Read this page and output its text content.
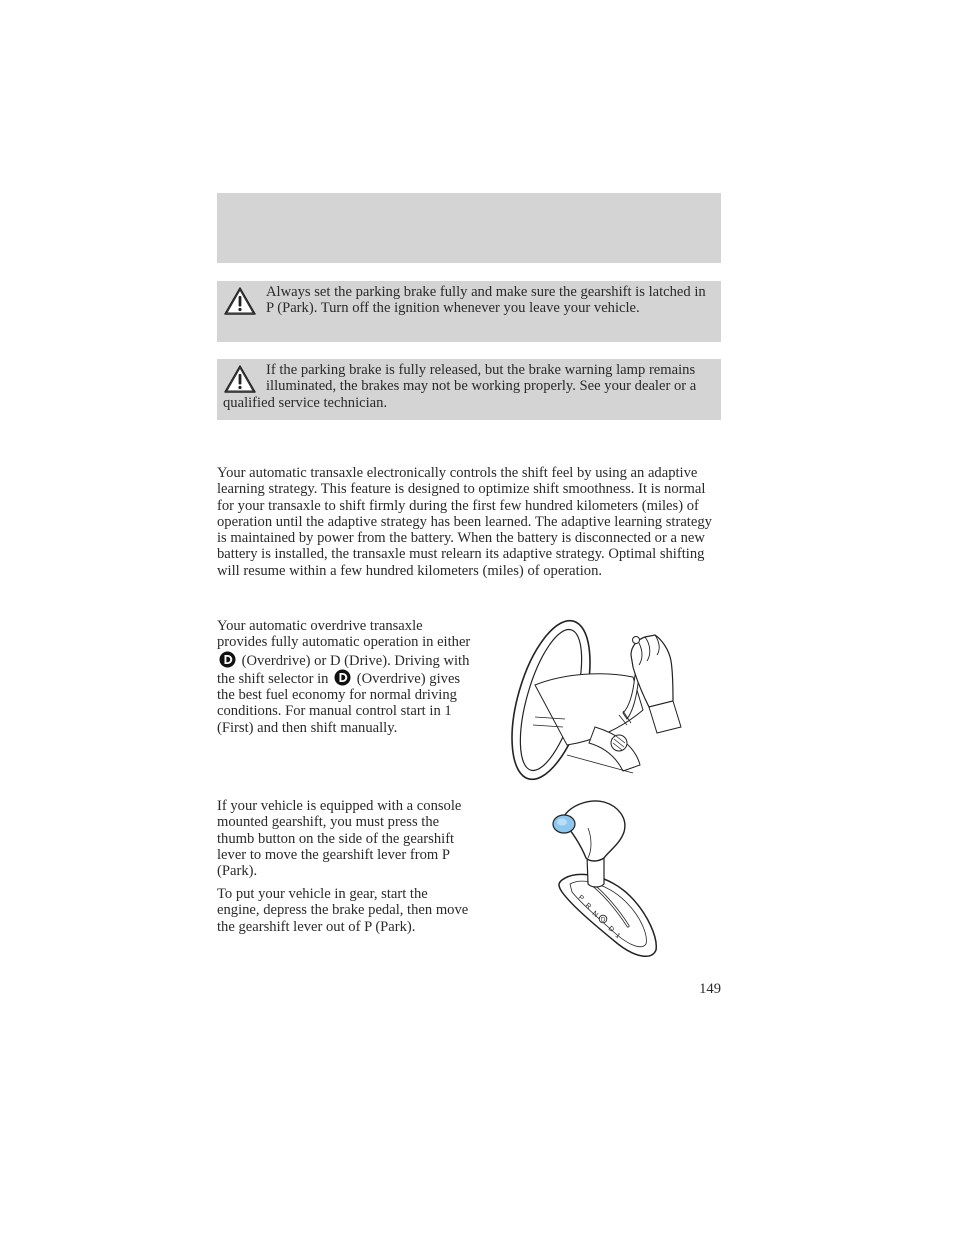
Always set the parking brake fully and make sure the gearshift is latched in P (Park). Turn off the ignition whenever you leave your vehicle.
If the parking brake is fully released, but the brake warning lamp remains illuminated, the brakes may not be working properly. See your dealer or a qualified service technician.

Your automatic transaxle electronically controls the shift feel by using an adaptive learning strategy. This feature is designed to optimize shift smoothness. It is normal for your transaxle to shift firmly during the first few hundred kilometers (miles) of operation until the adaptive strategy has been learned. The adaptive learning strategy is maintained by power from the battery. When the battery is disconnected or a new battery is installed, the transaxle must relearn its adaptive strategy. Optimal shifting will resume within a few hundred kilometers (miles) of operation.

Your automatic overdrive transaxle provides fully automatic operation in either  (Overdrive) or D (Drive). Driving with the shift selector in (Overdrive) gives the best fuel economy for normal driving conditions. For manual control start in 1 (First) and then shift manually.

If your vehicle is equipped with a console mounted gearshift, you must press the thumb button on the side of the gearshift lever to move the gearshift lever from P (Park).

To put your vehicle in gear, start the engine, depress the brake pedal, then move the gearshift lever out of P (Park).

P
R
N
D
D
1
149
